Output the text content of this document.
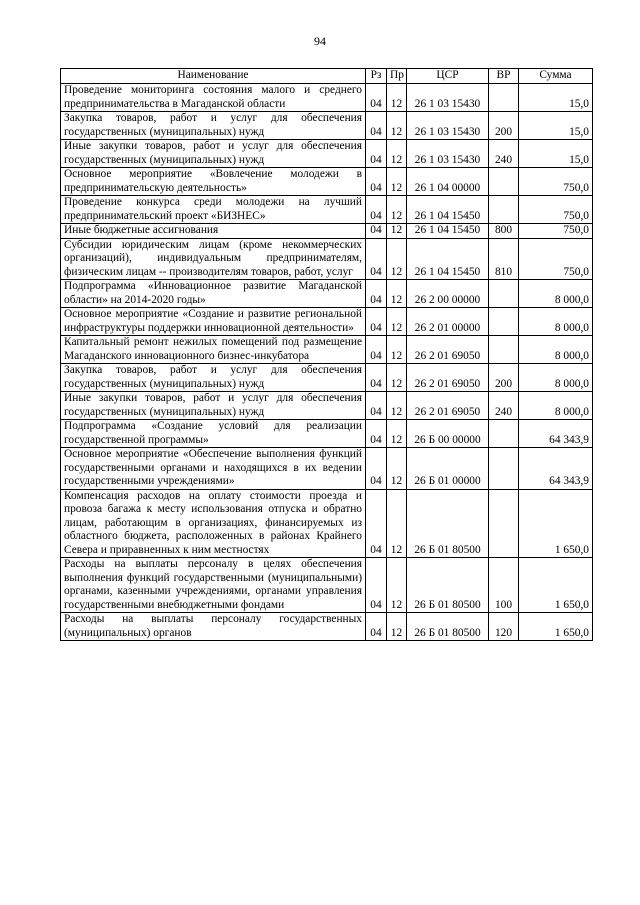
94
Наименование	Рз	Пр	ЦСР	ВР	Сумма
Проведение мониторинга состояния малого и среднего предпринимательства в Магаданской области	04	12	26 1 03 15430		15,0
Закупка товаров, работ и услуг для обеспечения государственных (муниципальных) нужд	04	12	26 1 03 15430	200	15,0
Иные закупки товаров, работ и услуг для обеспечения государственных (муниципальных) нужд	04	12	26 1 03 15430	240	15,0
Основное мероприятие «Вовлечение молодежи в предпринимательскую деятельность»	04	12	26 1 04 00000		750,0
Проведение конкурса среди молодежи на лучший предпринимательский проект «БИЗНЕС»	04	12	26 1 04 15450		750,0
Иные бюджетные ассигнования	04	12	26 1 04 15450	800	750,0
Субсидии юридическим лицам (кроме некоммерческих организаций), индивидуальным предпринимателям, физическим лицам -- производителям товаров, работ, услуг	04	12	26 1 04 15450	810	750,0
Подпрограмма «Инновационное развитие Магаданской области» на 2014-2020 годы»	04	12	26 2 00 00000		8 000,0
Основное мероприятие «Создание и развитие региональной инфраструктуры поддержки инновационной деятельности»	04	12	26 2 01 00000		8 000,0
Капитальный ремонт нежилых помещений под размещение Магаданского инновационного бизнес-инкубатора	04	12	26 2 01 69050		8 000,0
Закупка товаров, работ и услуг для обеспечения государственных (муниципальных) нужд	04	12	26 2 01 69050	200	8 000,0
Иные закупки товаров, работ и услуг для обеспечения государственных (муниципальных) нужд	04	12	26 2 01 69050	240	8 000,0
Подпрограмма «Создание условий для реализации государственной программы»	04	12	26 Б 00 00000		64 343,9
Основное мероприятие «Обеспечение выполнения функций государственными органами и находящихся в их ведении государственными учреждениями»	04	12	26 Б 01 00000		64 343,9
Компенсация расходов на оплату стоимости проезда и провоза багажа к месту использования отпуска и обратно лицам, работающим в организациях, финансируемых из областного бюджета, расположенных в районах Крайнего Севера и приравненных к ним местностях	04	12	26 Б 01 80500		1 650,0
Расходы на выплаты персоналу в целях обеспечения выполнения функций государственными (муниципальными) органами, казенными учреждениями, органами управления государственными внебюджетными фондами	04	12	26 Б 01 80500	100	1 650,0
Расходы на выплаты персоналу государственных (муниципальных) органов	04	12	26 Б 01 80500	120	1 650,0
